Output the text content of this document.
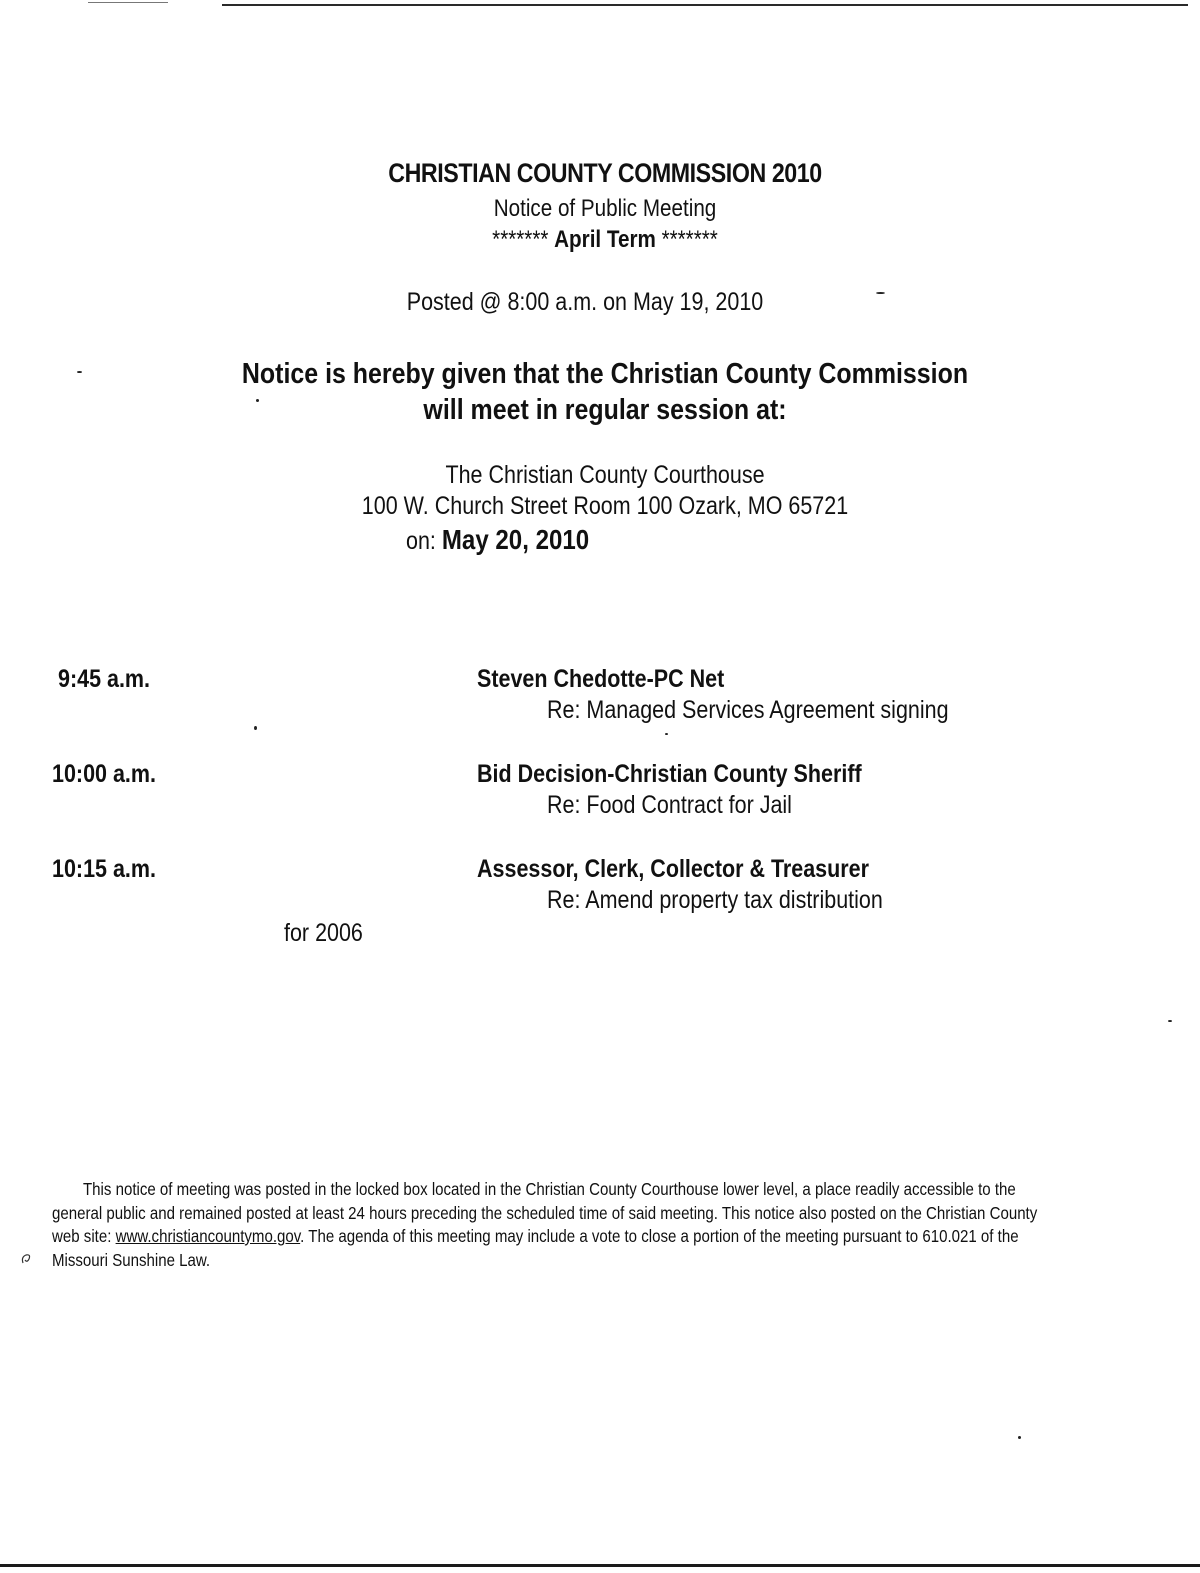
CHRISTIAN COUNTY COMMISSION 2010
Notice of Public Meeting
******* April Term *******
Posted @ 8:00 a.m. on May 19, 2010
Notice is hereby given that the Christian County Commission
will meet in regular session at:
The Christian County Courthouse
100 W. Church Street Room 100 Ozark, MO 65721
on: May 20, 2010
9:45 a.m.	Steven Chedotte-PC Net
Re: Managed Services Agreement signing
10:00 a.m.	Bid Decision-Christian County Sheriff
Re: Food Contract for Jail
10:15 a.m.	Assessor, Clerk, Collector & Treasurer
Re: Amend property tax distribution
for 2006
This notice of meeting was posted in the locked box located in the Christian County Courthouse lower level, a place readily accessible to the general public and remained posted at least 24 hours preceding the scheduled time of said meeting. This notice also posted on the Christian County web site: www.christiancountymo.gov. The agenda of this meeting may include a vote to close a portion of the meeting pursuant to 610.021 of the Missouri Sunshine Law.
